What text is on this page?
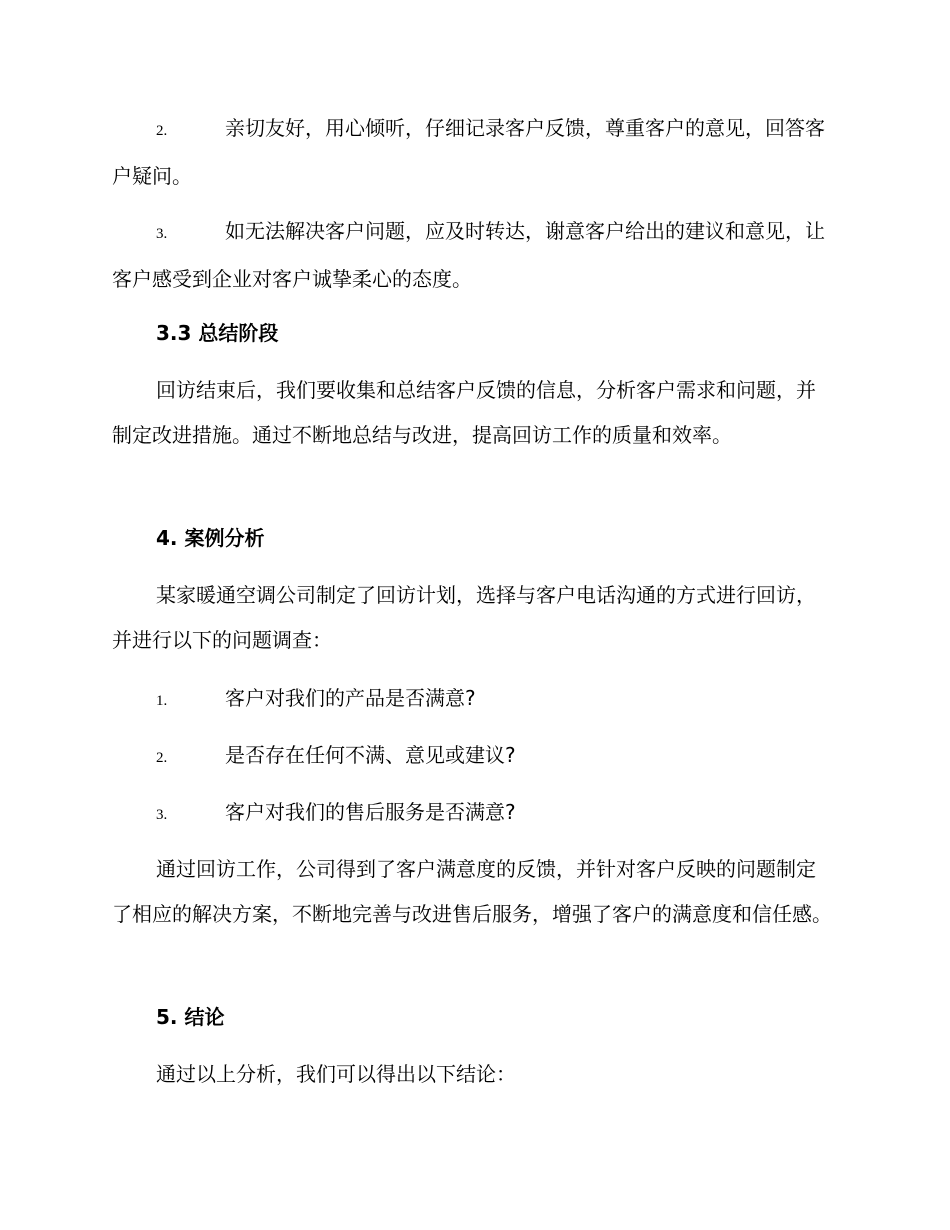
2.	亲切友好，用心倾听，仔细记录客户反馈，尊重客户的意见，回答客户疑问。

3.	如无法解决客户问题，应及时转达，谢意客户给出的建议和意见，让客户感受到企业对客户诚挚柔心的态度。

3.3 总结阶段

回访结束后，我们要收集和总结客户反馈的信息，分析客户需求和问题，并制定改进措施。通过不断地总结与改进，提高回访工作的质量和效率。

4. 案例分析

某家暖通空调公司制定了回访计划，选择与客户电话沟通的方式进行回访，并进行以下的问题调查：

1.	客户对我们的产品是否满意?

2.	是否存在任何不满、意见或建议?

3.	客户对我们的售后服务是否满意?

通过回访工作，公司得到了客户满意度的反馈，并针对客户反映的问题制定了相应的解决方案，不断地完善与改进售后服务，增强了客户的满意度和信任感。

5. 结论

通过以上分析，我们可以得出以下结论：
